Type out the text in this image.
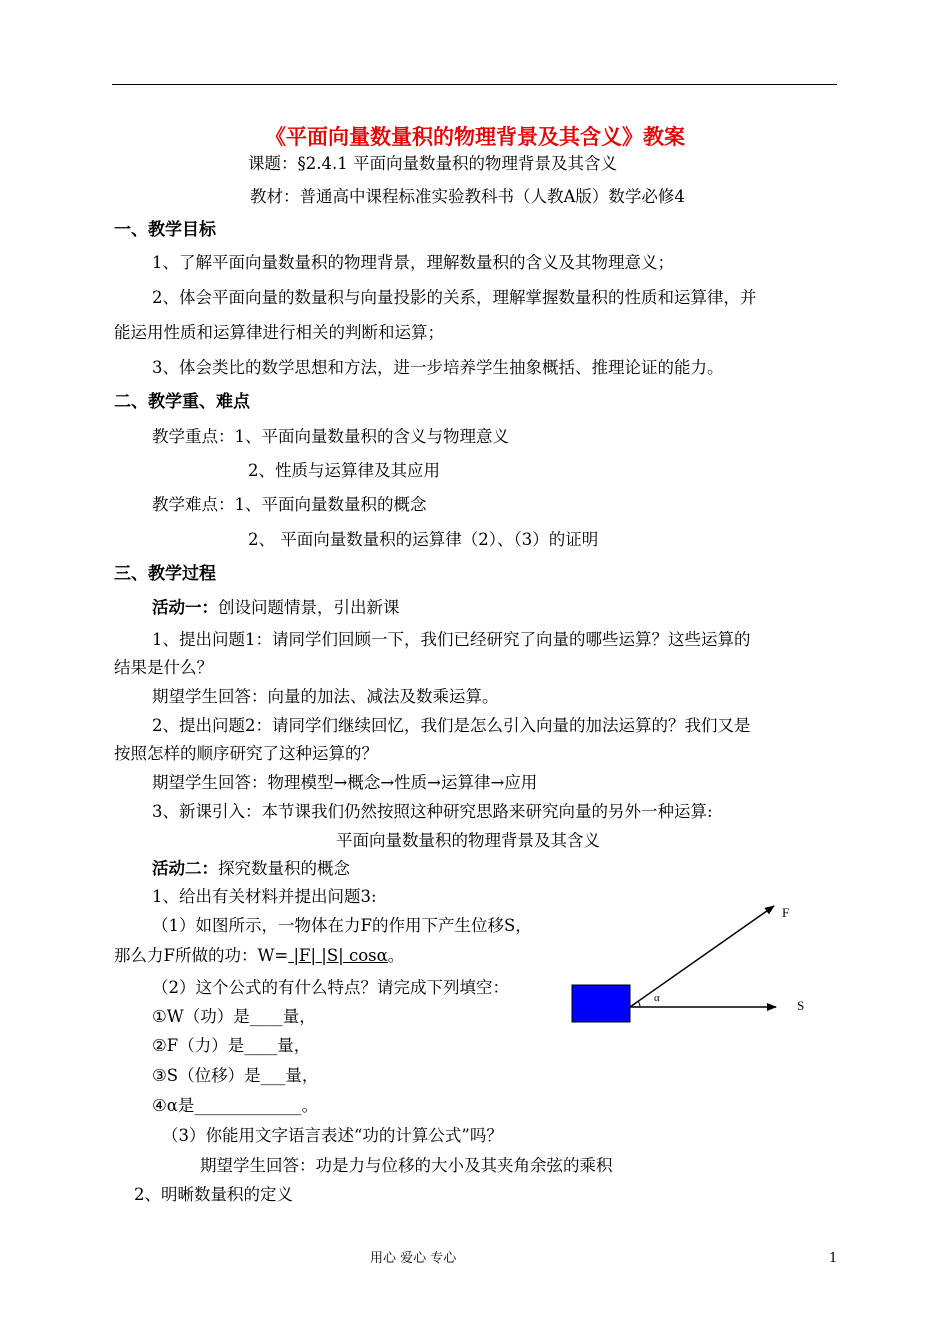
《平面向量数量积的物理背景及其含义》教案
课题：§2.4.1 平面向量数量积的物理背景及其含义
教材：普通高中课程标准实验教科书（人教A版）数学必修4
一、教学目标
1、了解平面向量数量积的物理背景，理解数量积的含义及其物理意义；
2、体会平面向量的数量积与向量投影的关系，理解掌握数量积的性质和运算律，并
能运用性质和运算律进行相关的判断和运算；
3、体会类比的数学思想和方法，进一步培养学生抽象概括、推理论证的能力。
二、教学重、难点
教学重点：1、平面向量数量积的含义与物理意义
2、性质与运算律及其应用
教学难点：1、平面向量数量积的概念
2、 平面向量数量积的运算律（2）、（3）的证明
三、教学过程
活动一：创设问题情景，引出新课
1、提出问题1：请同学们回顾一下，我们已经研究了向量的哪些运算？这些运算的
结果是什么？
期望学生回答：向量的加法、减法及数乘运算。
2、提出问题2：请同学们继续回忆，我们是怎么引入向量的加法运算的？我们又是
按照怎样的顺序研究了这种运算的？
期望学生回答：物理模型→概念→性质→运算律→应用
3、新课引入：本节课我们仍然按照这种研究思路来研究向量的另外一种运算:
平面向量数量积的物理背景及其含义
活动二：探究数量积的概念
1、给出有关材料并提出问题3:
（1）如图所示，一物体在力F的作用下产生位移S，
那么力F所做的功：W= |F| |S| cosα。
（2）这个公式的有什么特点？请完成下列填空：
①W（功）是____量，
②F（力）是____量，
③S（位移）是___量，
④α是_____________。
（3）你能用文字语言表述“功的计算公式”吗？
期望学生回答：功是力与位移的大小及其夹角余弦的乘积
2、明晰数量积的定义
F
S
α
用心 爱心 专心	1
